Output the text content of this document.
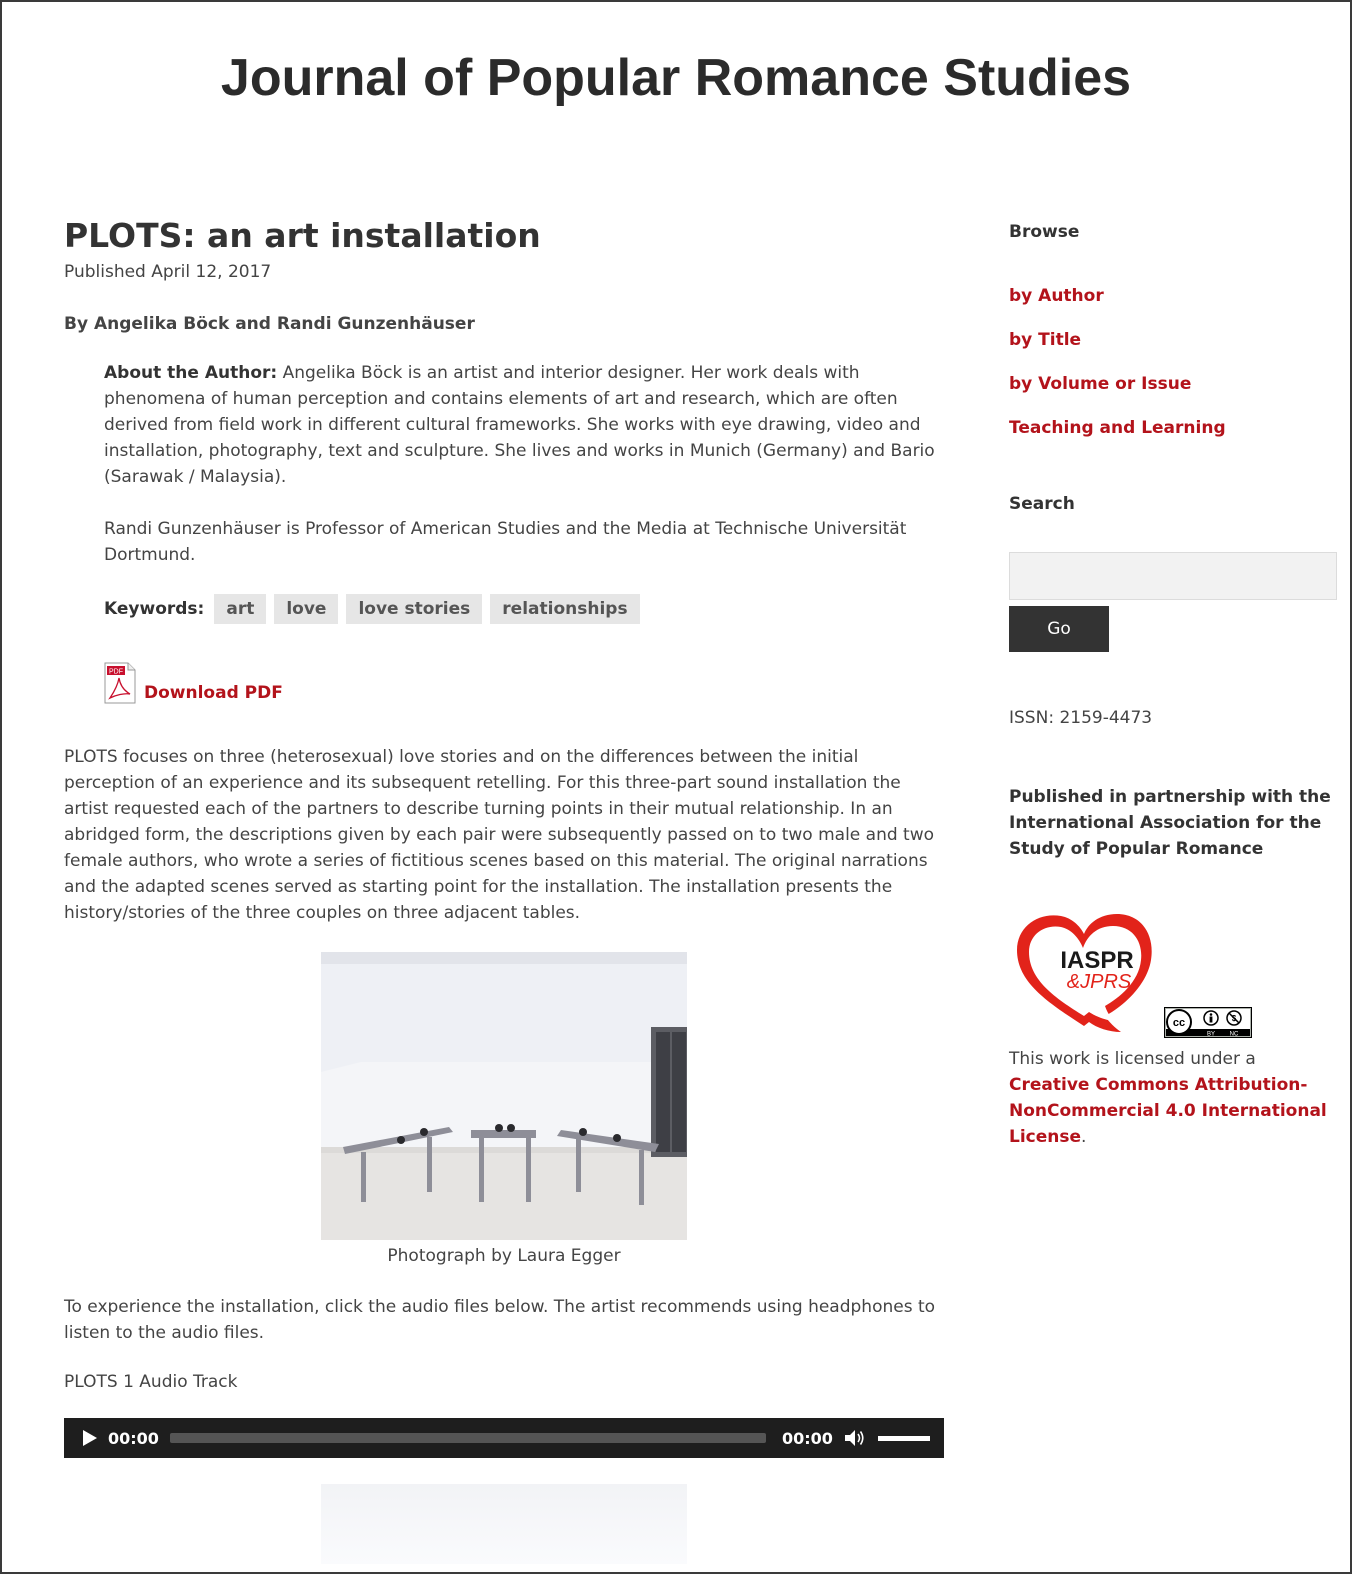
Journal of Popular Romance Studies
PLOTS: an art installation
Published April 12, 2017
By Angelika Böck and Randi Gunzenhäuser

About the Author: Angelika Böck is an artist and interior designer. Her work deals with phenomena of human perception and contains elements of art and research, which are often derived from field work in different cultural frameworks. She works with eye drawing, video and installation, photography, text and sculpture. She lives and works in Munich (Germany) and Bario (Sarawak / Malaysia).

Randi Gunzenhäuser is Professor of American Studies and the Media at Technische Universität Dortmund.

Keywords:	art	love	love stories	relationships
PDF
Download PDF

PLOTS focuses on three (heterosexual) love stories and on the differences between the initial perception of an experience and its subsequent retelling. For this three-part sound installation the artist requested each of the partners to describe turning points in their mutual relationship. In an abridged form, the descriptions given by each pair were subsequently passed on to two male and two female authors, who wrote a series of fictitious scenes based on this material. The original narrations and the adapted scenes served as starting point for the installation. The installation presents the history/stories of the three couples on three adjacent tables.

Photograph by Laura Egger

To experience the installation, click the audio files below. The artist recommends using headphones to listen to the audio files.

PLOTS 1 Audio Track
00:00	00:00
Browse
by Author
by Title
by Volume or Issue
Teaching and Learning
Search
Go
ISSN: 2159-4473
Published in partnership with the International Association for the Study of Popular Romance
IASPR
&JPRS

cc	$
BY NC
This work is licensed under a Creative Commons Attribution-NonCommercial 4.0 International License.
